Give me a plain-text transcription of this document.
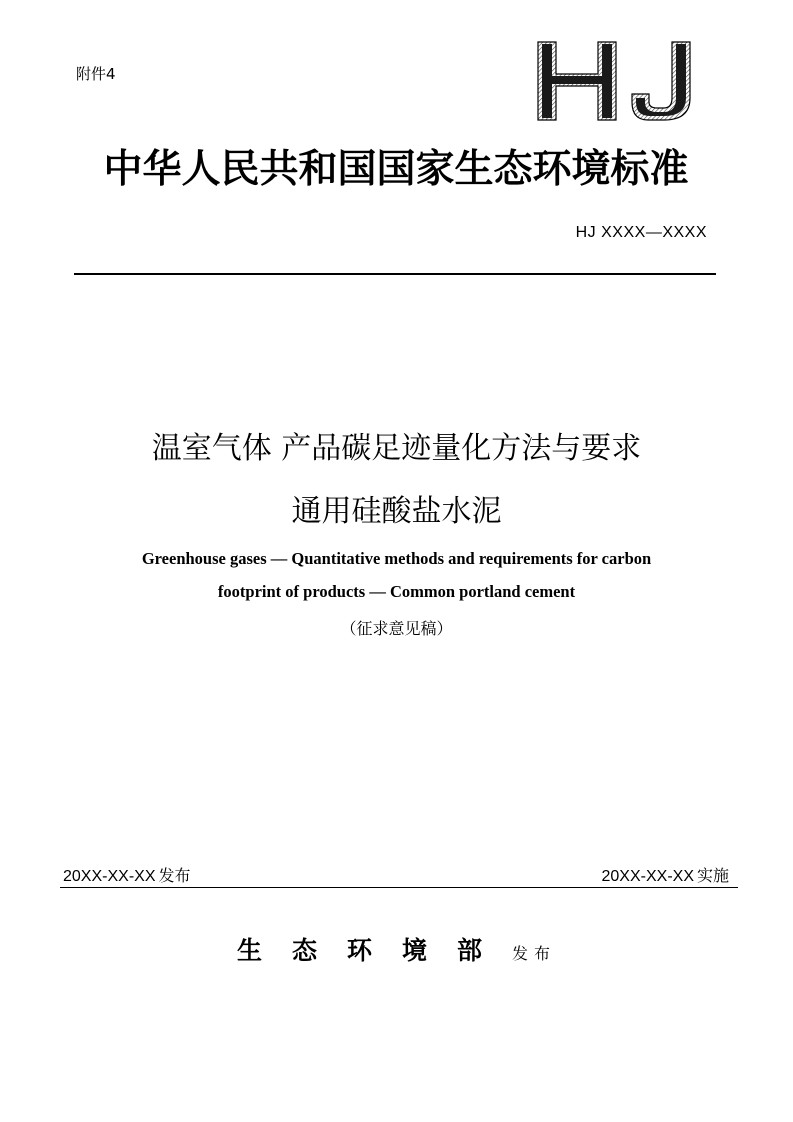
附件4
HJ
中华人民共和国国家生态环境标准
HJ XXXX—XXXX
温室气体 产品碳足迹量化方法与要求
通用硅酸盐水泥
Greenhouse gases — Quantitative methods and requirements for carbon
footprint of products — Common portland cement
（征求意见稿）
20XX-XX-XX 发布	20XX-XX-XX 实施
生态环境部发布
